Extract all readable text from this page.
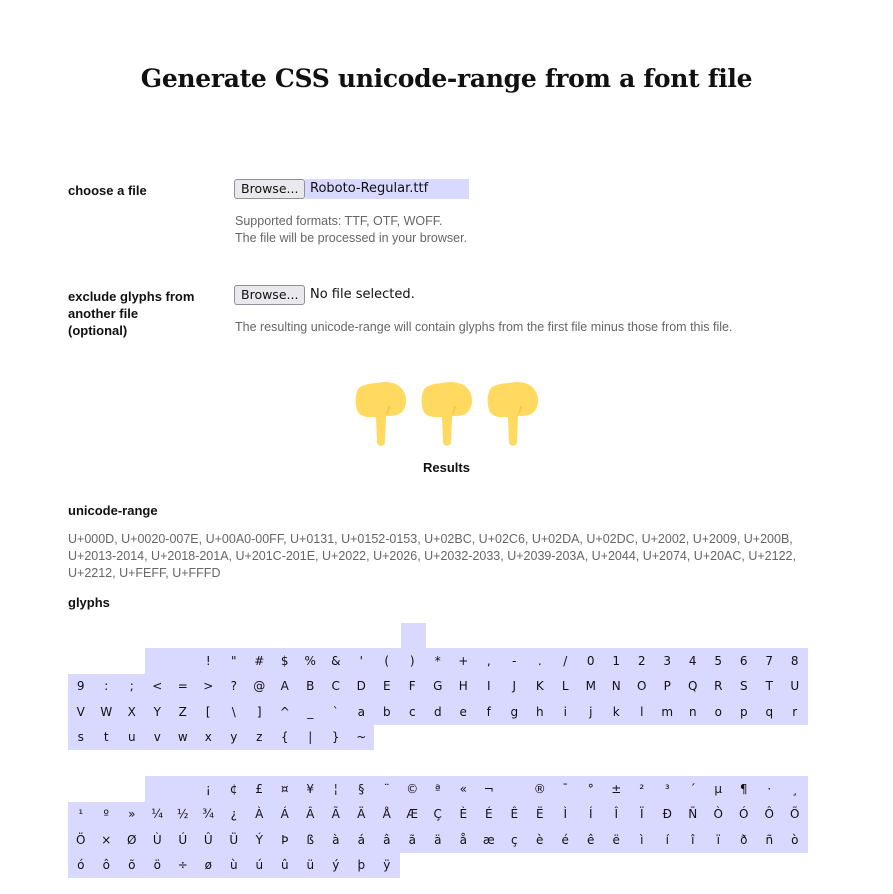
Generate CSS unicode-range from a font file
choose a file	Browse... Roboto-Regular.ttf
Supported formats: TTF, OTF, WOFF.
The file will be processed in your browser.
exclude glyphs from
another file
(optional)
Browse... No file selected.
The resulting unicode-range will contain glyphs from the first file minus those from this file.
Results
unicode-range
U+000D, U+0020-007E, U+00A0-00FF, U+0131, U+0152-0153, U+02BC, U+02C6, U+02DA, U+02DC, U+2002, U+2009, U+200B, U+2013-2014, U+2018-201A, U+201C-201E, U+2022, U+2026, U+2032-2033, U+2039-203A, U+2044, U+2074, U+20AC, U+2122, U+2212, U+FEFF, U+FFFD
glyphs
!	"	#	$	%	&	'	(	)	*	+	,	-	.	/	0	1	2	3	4	5	6	7	8
9	:	;	<	=	>	?	@	A	B	C	D	E	F	G	H	I	J	K	L	M	N	O	P	Q	R	S	T	U
V	W	X	Y	Z	[	\	]	^	_	`	a	b	c	d	e	f	g	h	i	j	k	l	m	n	o	p	q	r
s	t	u	v	w	x	y	z	{	|	}	~
¡	¢	£	¤	¥	¦	§	¨	©	ª	«	¬	®	¯	°	±	²	³	´	µ	¶	·	¸
¹	º	»	¼	½	¾	¿	À	Á	Â	Ã	Ä	Å	Æ	Ç	È	É	Ê	Ë	Ì	Í	Î	Ï	Ð	Ñ	Ò	Ó	Ô	Õ
Ö	×	Ø	Ù	Ú	Û	Ü	Ý	Þ	ß	à	á	â	ã	ä	å	æ	ç	è	é	ê	ë	ì	í	î	ï	ð	ñ	ò
ó	ô	õ	ö	÷	ø	ù	ú	û	ü	ý	þ	ÿ
